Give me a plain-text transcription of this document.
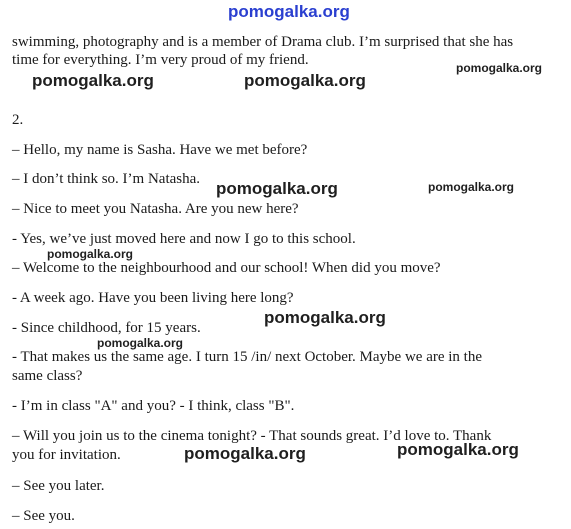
pomogalka.org
swimming, photography and is a member of Drama club. I’m surprised that she has
time for everything. I’m very proud of my friend.
2.
– Hello, my name is Sasha. Have we met before?
– I don’t think so. I’m Natasha.
– Nice to meet you Natasha. Are you new here?
- Yes, we’ve just moved here and now I go to this school.
– Welcome to the neighbourhood and our school! When did you move?
- A week ago. Have you been living here long?
- Since childhood, for 15 years.
- That makes us the same age. I turn 15 /in/ next October. Maybe we are in the
same class?
- I’m in class "A" and you? - I think, class "B".
– Will you join us to the cinema tonight? - That sounds great. I’d love to. Thank
you for invitation.
– See you later.
– See you.
pomogalka.org	pomogalka.org
pomogalka.org
pomogalka.org	pomogalka.org
pomogalka.org
pomogalka.org
pomogalka.org
pomogalka.org	pomogalka.org
